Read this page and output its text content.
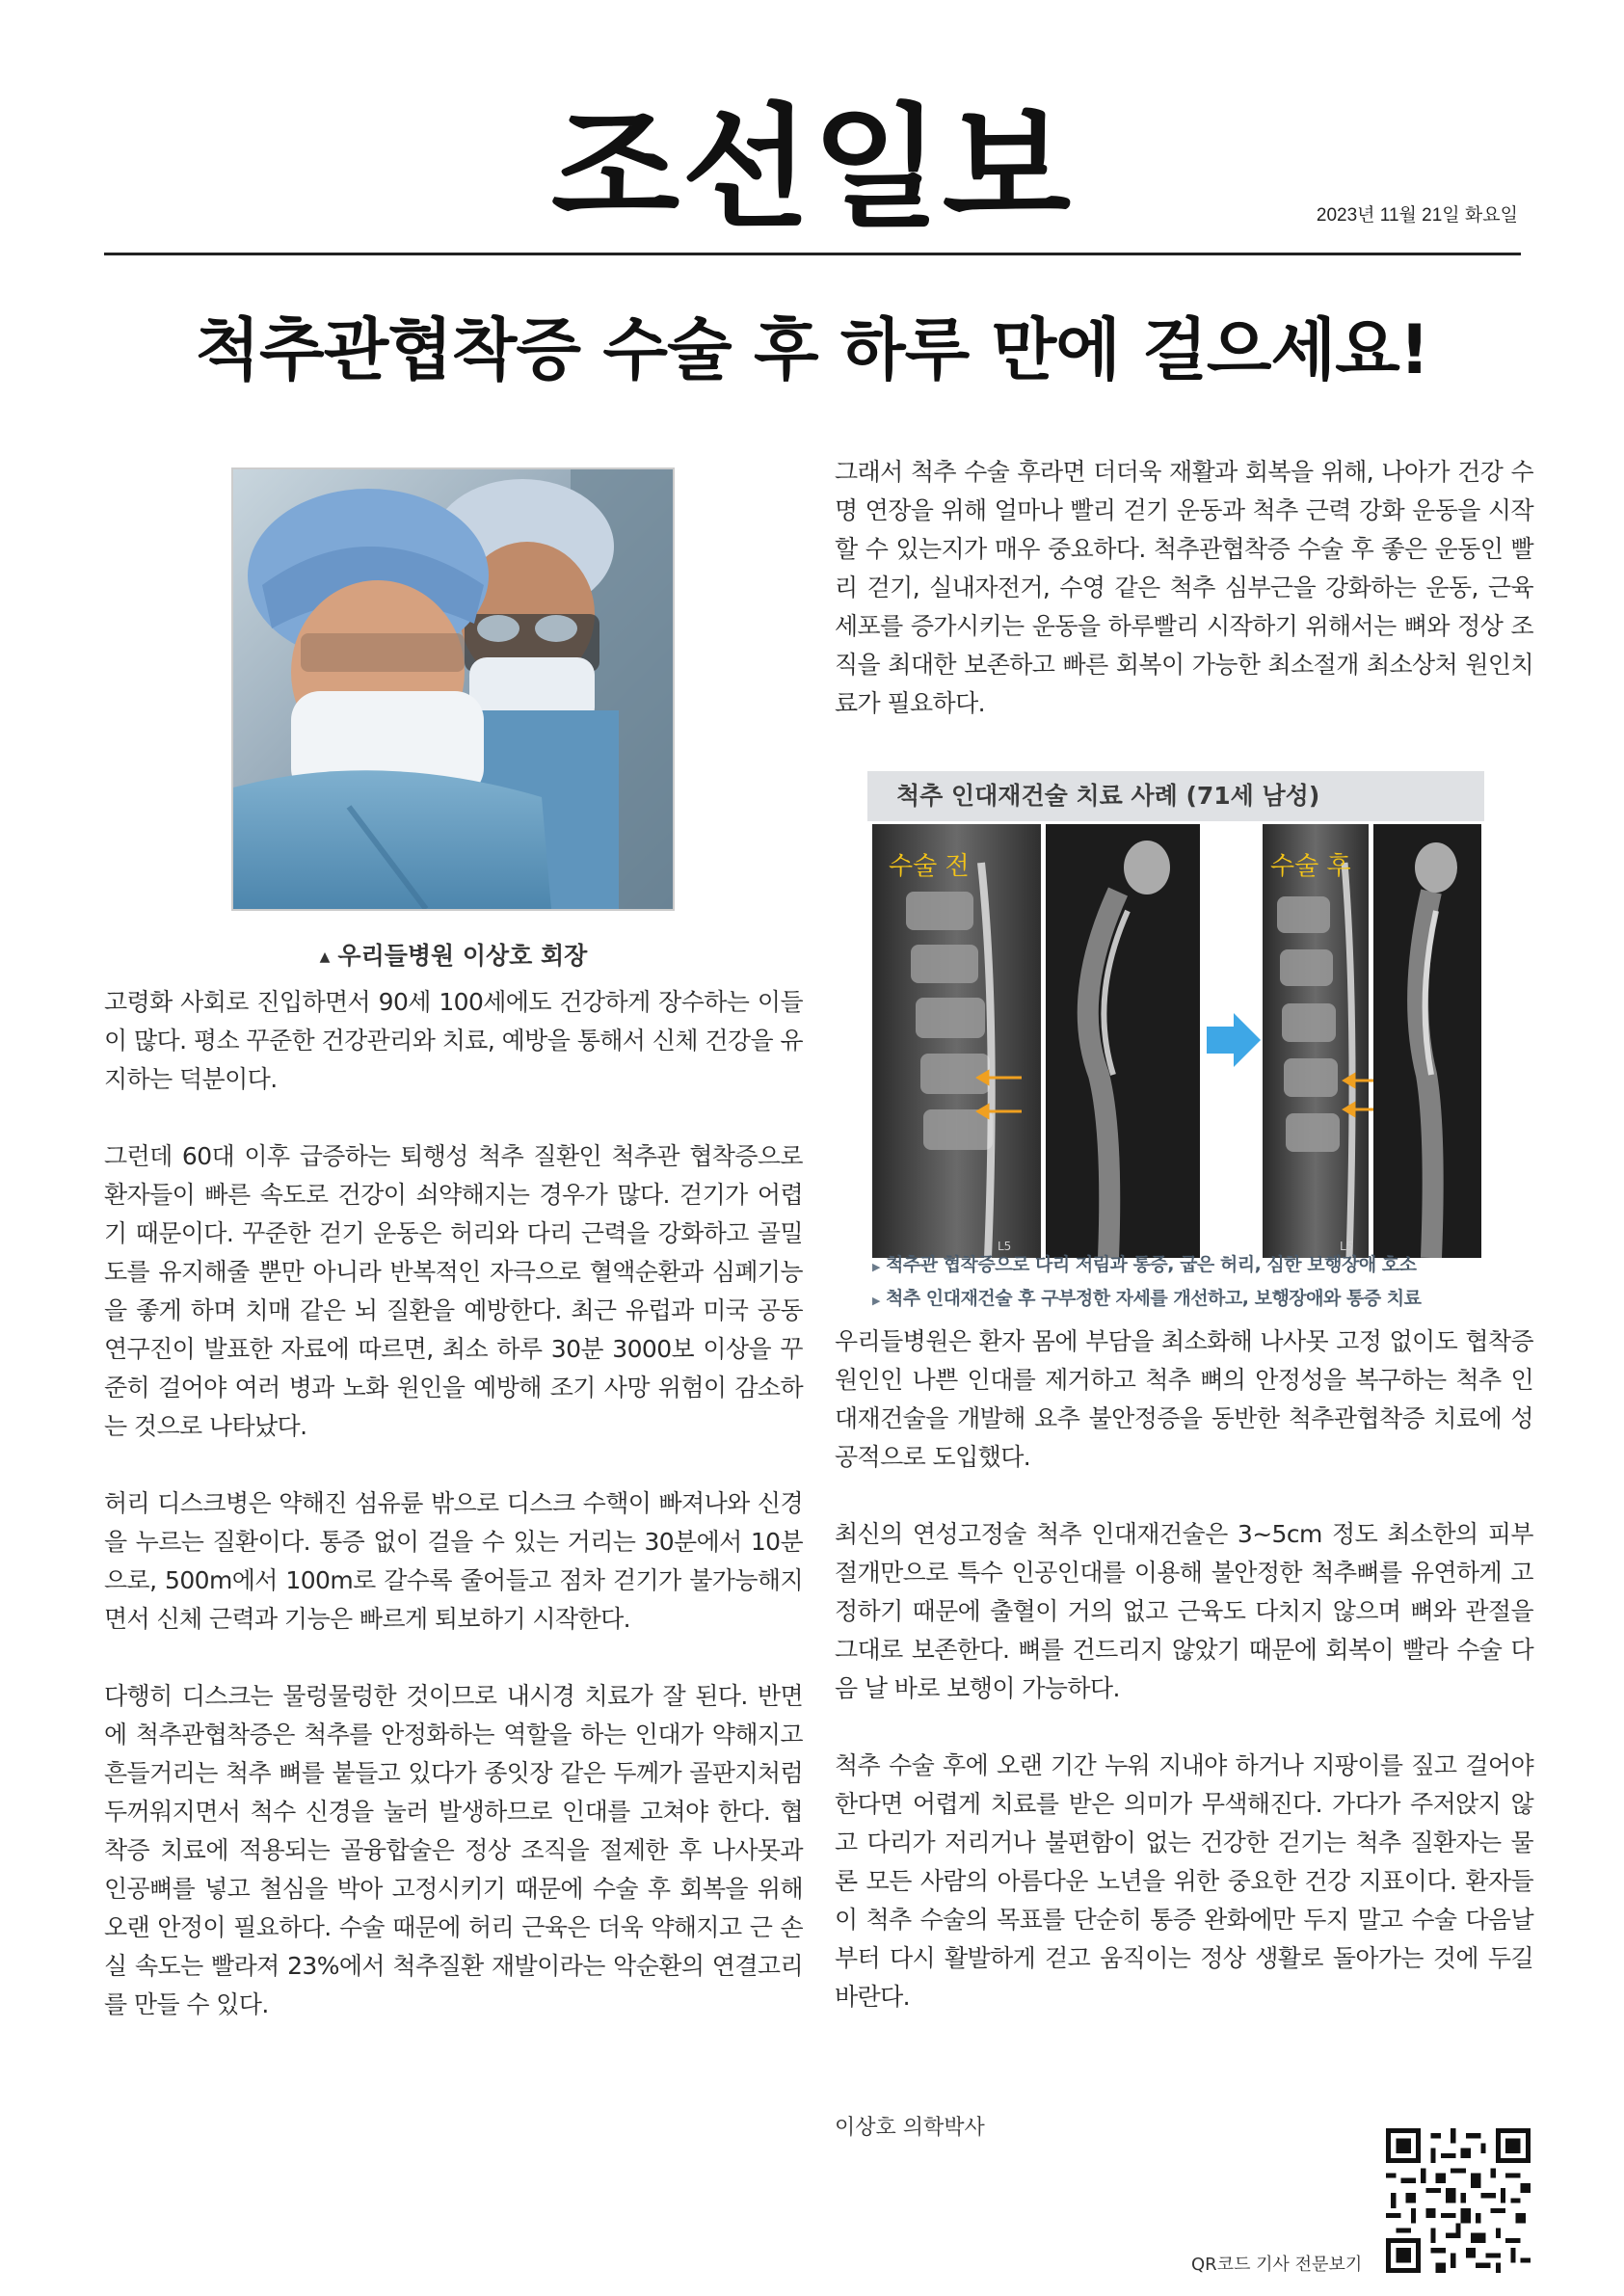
조선일보	2023년 11월 21일 화요일
척추관협착증 수술 후 하루 만에 걸으세요!
▲ 우리들병원 이상호 회장

고령화 사회로 진입하면서 90세 100세에도 건강하게 장수하는 이들이 많다. 평소 꾸준한 건강관리와 치료, 예방을 통해서 신체 건강을 유지하는 덕분이다.

그런데 60대 이후 급증하는 퇴행성 척추 질환인 척추관 협착증으로 환자들이 빠른 속도로 건강이 쇠약해지는 경우가 많다. 걷기가 어렵기 때문이다. 꾸준한 걷기 운동은 허리와 다리 근력을 강화하고 골밀도를 유지해줄 뿐만 아니라 반복적인 자극으로 혈액순환과 심폐기능을 좋게 하며 치매 같은 뇌 질환을 예방한다. 최근 유럽과 미국 공동 연구진이 발표한 자료에 따르면, 최소 하루 30분 3000보 이상을 꾸준히 걸어야 여러 병과 노화 원인을 예방해 조기 사망 위험이 감소하는 것으로 나타났다.

허리 디스크병은 약해진 섬유륜 밖으로 디스크 수핵이 빠져나와 신경을 누르는 질환이다. 통증 없이 걸을 수 있는 거리는 30분에서 10분으로, 500m에서 100m로 갈수록 줄어들고 점차 걷기가 불가능해지면서 신체 근력과 기능은 빠르게 퇴보하기 시작한다.

다행히 디스크는 물렁물렁한 것이므로 내시경 치료가 잘 된다. 반면에 척추관협착증은 척추를 안정화하는 역할을 하는 인대가 약해지고 흔들거리는 척추 뼈를 붙들고 있다가 종잇장 같은 두께가 골판지처럼 두꺼워지면서 척수 신경을 눌러 발생하므로 인대를 고쳐야 한다. 협착증 치료에 적용되는 골융합술은 정상 조직을 절제한 후 나사못과 인공뼈를 넣고 철심을 박아 고정시키기 때문에 수술 후 회복을 위해 오랜 안정이 필요하다. 수술 때문에 허리 근육은 더욱 약해지고 근 손실 속도는 빨라져 23%에서 척추질환 재발이라는 악순환의 연결고리를 만들 수 있다.

그래서 척추 수술 후라면 더더욱 재활과 회복을 위해, 나아가 건강 수명 연장을 위해 얼마나 빨리 걷기 운동과 척추 근력 강화 운동을 시작할 수 있는지가 매우 중요하다. 척추관협착증 수술 후 좋은 운동인 빨리 걷기, 실내자전거, 수영 같은 척추 심부근을 강화하는 운동, 근육 세포를 증가시키는 운동을 하루빨리 시작하기 위해서는 뼈와 정상 조직을 최대한 보존하고 빠른 회복이 가능한 최소절개 최소상처 원인치료가 필요하다.

척추 인대재건술 치료 사례 (71세 남성)
수술 전
L5
수술 후
L5
▶ 척추관 협착증으로 다리 저림과 통증, 굽은 허리, 심한 보행장애 호소
▶ 척추 인대재건술 후 구부정한 자세를 개선하고, 보행장애와 통증 치료

우리들병원은 환자 몸에 부담을 최소화해 나사못 고정 없이도 협착증 원인인 나쁜 인대를 제거하고 척추 뼈의 안정성을 복구하는 척추 인대재건술을 개발해 요추 불안정증을 동반한 척추관협착증 치료에 성공적으로 도입했다.

최신의 연성고정술 척추 인대재건술은 3~5cm 정도 최소한의 피부 절개만으로 특수 인공인대를 이용해 불안정한 척추뼈를 유연하게 고정하기 때문에 출혈이 거의 없고 근육도 다치지 않으며 뼈와 관절을 그대로 보존한다. 뼈를 건드리지 않았기 때문에 회복이 빨라 수술 다음 날 바로 보행이 가능하다.

척추 수술 후에 오랜 기간 누워 지내야 하거나 지팡이를 짚고 걸어야 한다면 어렵게 치료를 받은 의미가 무색해진다. 가다가 주저앉지 않고 다리가 저리거나 불편함이 없는 건강한 걷기는 척추 질환자는 물론 모든 사람의 아름다운 노년을 위한 중요한 건강 지표이다. 환자들이 척추 수술의 목표를 단순히 통증 완화에만 두지 말고 수술 다음날부터 다시 활발하게 걷고 움직이는 정상 생활로 돌아가는 것에 두길 바란다.

이상호 의학박사
QR코드 기사 전문보기
